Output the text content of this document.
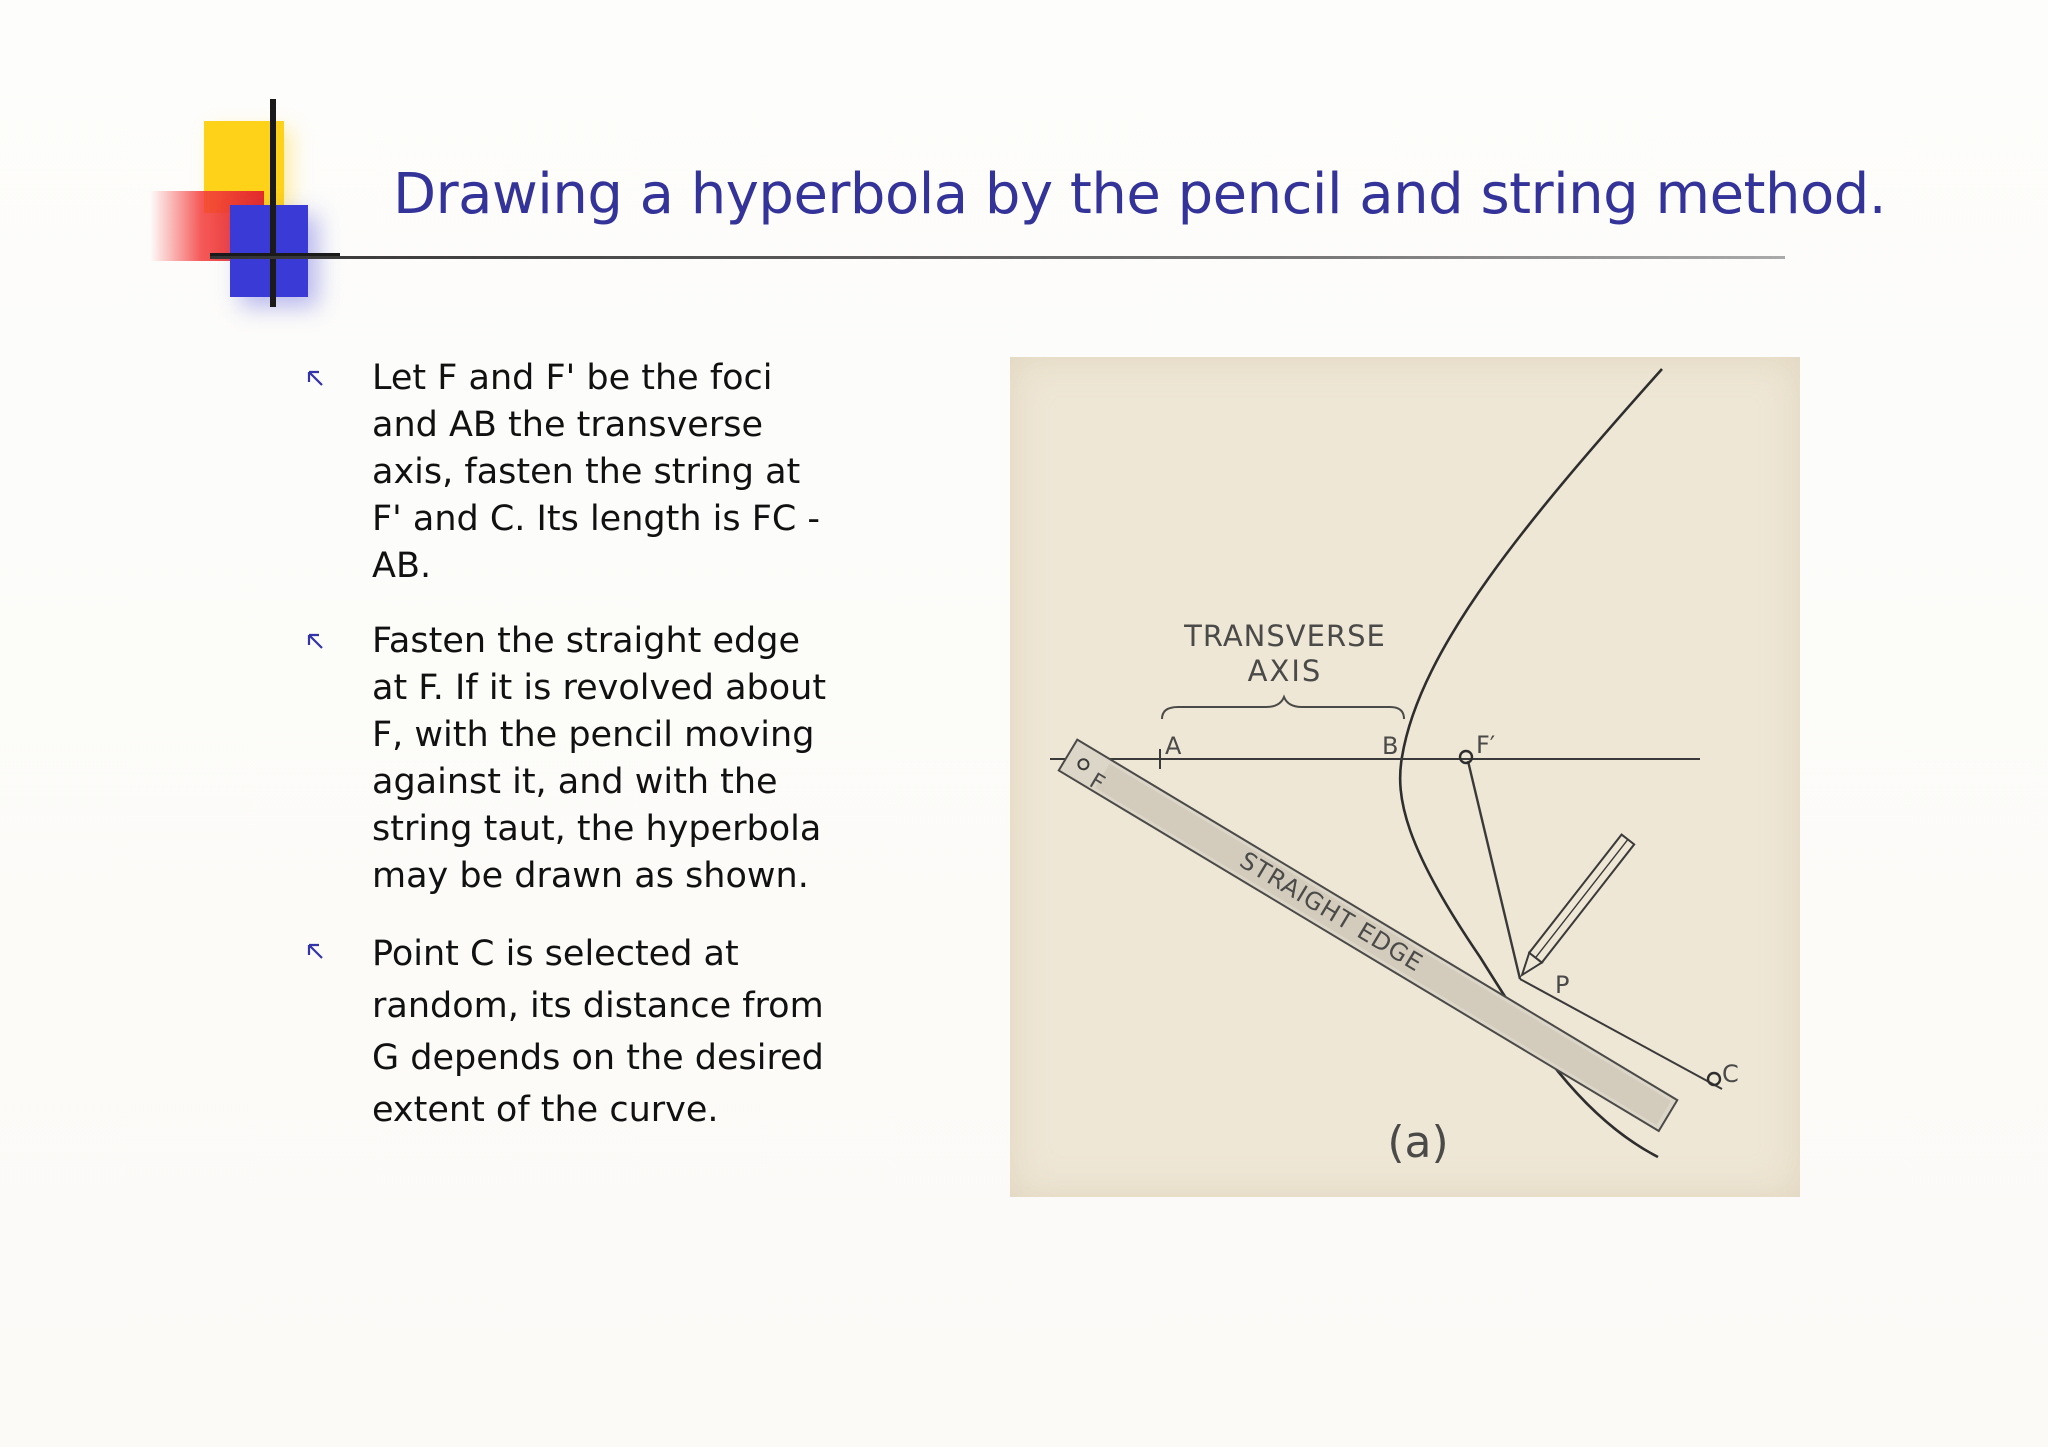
Drawing a hyperbola by the pencil and string method.

Let F and F' be the foci and AB the transverse axis, fasten the string at F' and C. Its length is FC - AB.

Fasten the straight edge at F. If it is revolved about F, with the pencil moving against it, and with the string taut, the hyperbola may be drawn as shown.

Point C is selected at random, its distance from G depends on the desired extent of the curve.

TRANSVERSE
AXIS
A	B	F′
F
P
C
STRAIGHT EDGE
(a)
